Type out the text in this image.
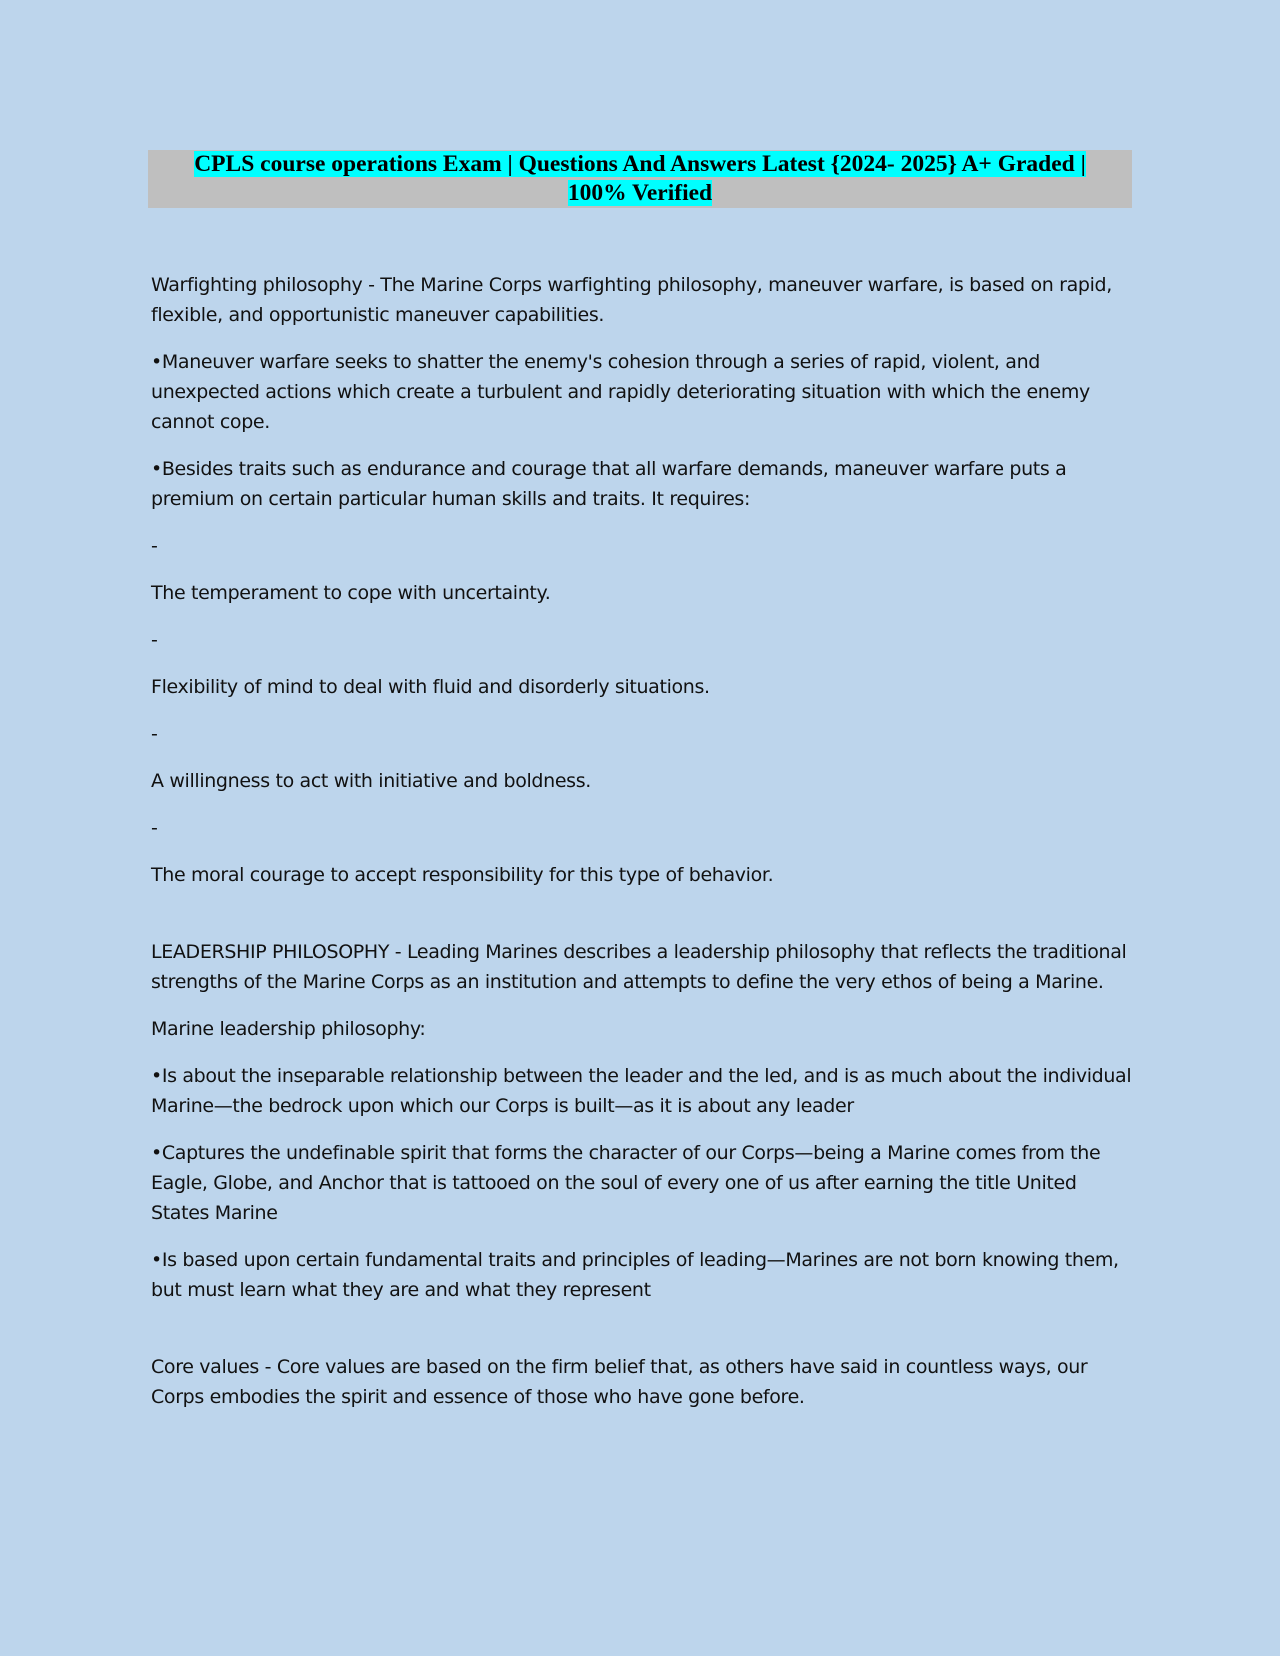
CPLS course operations Exam | Questions And Answers Latest {2024- 2025} A+ Graded |
100% Verified

Warfighting philosophy - The Marine Corps warfighting philosophy, maneuver warfare, is based on rapid, flexible, and opportunistic maneuver capabilities.

•Maneuver warfare seeks to shatter the enemy's cohesion through a series of rapid, violent, and unexpected actions which create a turbulent and rapidly deteriorating situation with which the enemy cannot cope.

•Besides traits such as endurance and courage that all warfare demands, maneuver warfare puts a premium on certain particular human skills and traits. It requires:

-

The temperament to cope with uncertainty.

-

Flexibility of mind to deal with fluid and disorderly situations.

-

A willingness to act with initiative and boldness.

-

The moral courage to accept responsibility for this type of behavior.

LEADERSHIP PHILOSOPHY - Leading Marines describes a leadership philosophy that reflects the traditional strengths of the Marine Corps as an institution and attempts to define the very ethos of being a Marine.

Marine leadership philosophy:

•Is about the inseparable relationship between the leader and the led, and is as much about the individual Marine—the bedrock upon which our Corps is built—as it is about any leader

•Captures the undefinable spirit that forms the character of our Corps—being a Marine comes from the Eagle, Globe, and Anchor that is tattooed on the soul of every one of us after earning the title United States Marine

•Is based upon certain fundamental traits and principles of leading—Marines are not born knowing them, but must learn what they are and what they represent

Core values - Core values are based on the firm belief that, as others have said in countless ways, our Corps embodies the spirit and essence of those who have gone before.
